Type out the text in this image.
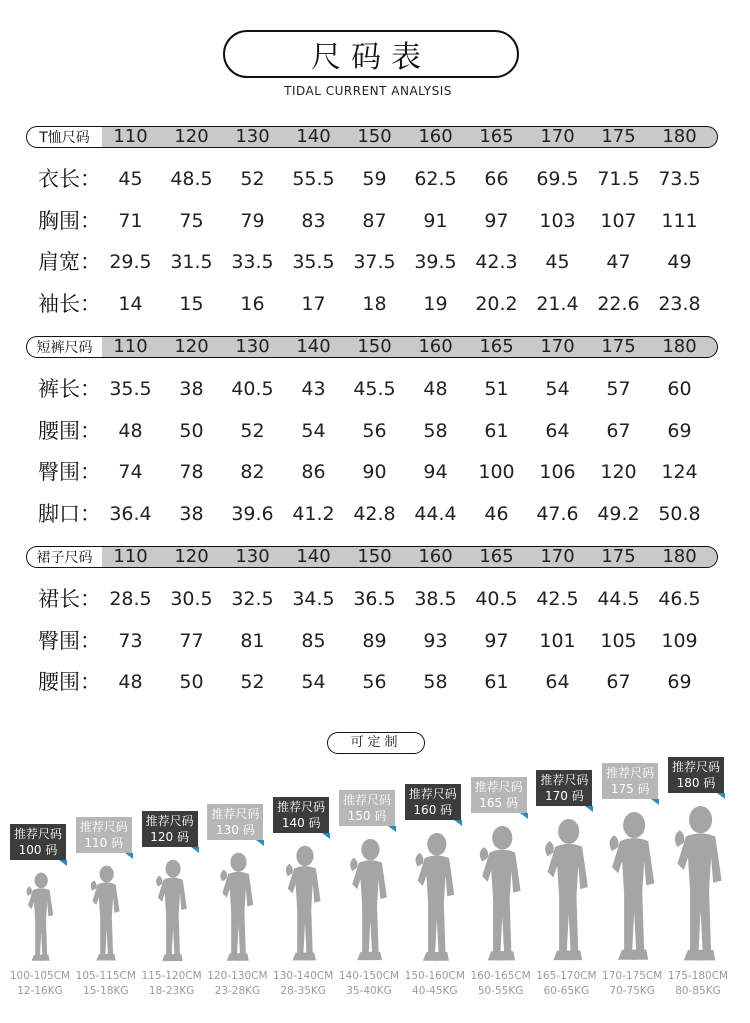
尺码表
TIDAL CURRENT ANALYSIS
T恤尺码	110	120	130	140	150	160	165	170	175	180
衣长： 45	48.5	52	55.5	59	62.5	66	69.5 71.5 73.5
胸围： 71	75	79	83	87	91	97	103	107	111
肩宽： 29.5 31.5 33.5 35.5 37.5 39.5 42.3	45	47	49
袖长： 14	15	16	17	18	19	20.2 21.4 22.6 23.8
短裤尺码	110	120	130	140	150	160	165	170	175	180
裤长： 35.5	38	40.5	43	45.5	48	51	54	57	60
腰围： 48	50	52	54	56	58	61	64	67	69
臀围： 74	78	82	86	90	94	100	106	120	124
脚口： 36.4	38	39.6 41.2 42.8 44.4	46	47.6 49.2 50.8
裙子尺码	110	120	130	140	150	160	165	170	175	180
裙长： 28.5 30.5 32.5 34.5 36.5 38.5 40.5 42.5 44.5 46.5
臀围： 73	77	81	85	89	93	97	101	105	109
腰围： 48	50	52	54	56	58	61	64	67	69
可定制
推荐尺码
100 码
100-105CM
12-16KG
推荐尺码
110 码
105-115CM
15-18KG
推荐尺码
120 码
115-120CM
18-23KG
推荐尺码
130 码
120-130CM
23-28KG
推荐尺码
140 码
130-140CM
28-35KG
推荐尺码
150 码
140-150CM
35-40KG
推荐尺码
160 码
150-160CM
40-45KG
推荐尺码
165 码
160-165CM
50-55KG
推荐尺码
170 码
165-170CM
60-65KG
推荐尺码
175 码
170-175CM
70-75KG
推荐尺码
180 码
175-180CM
80-85KG
